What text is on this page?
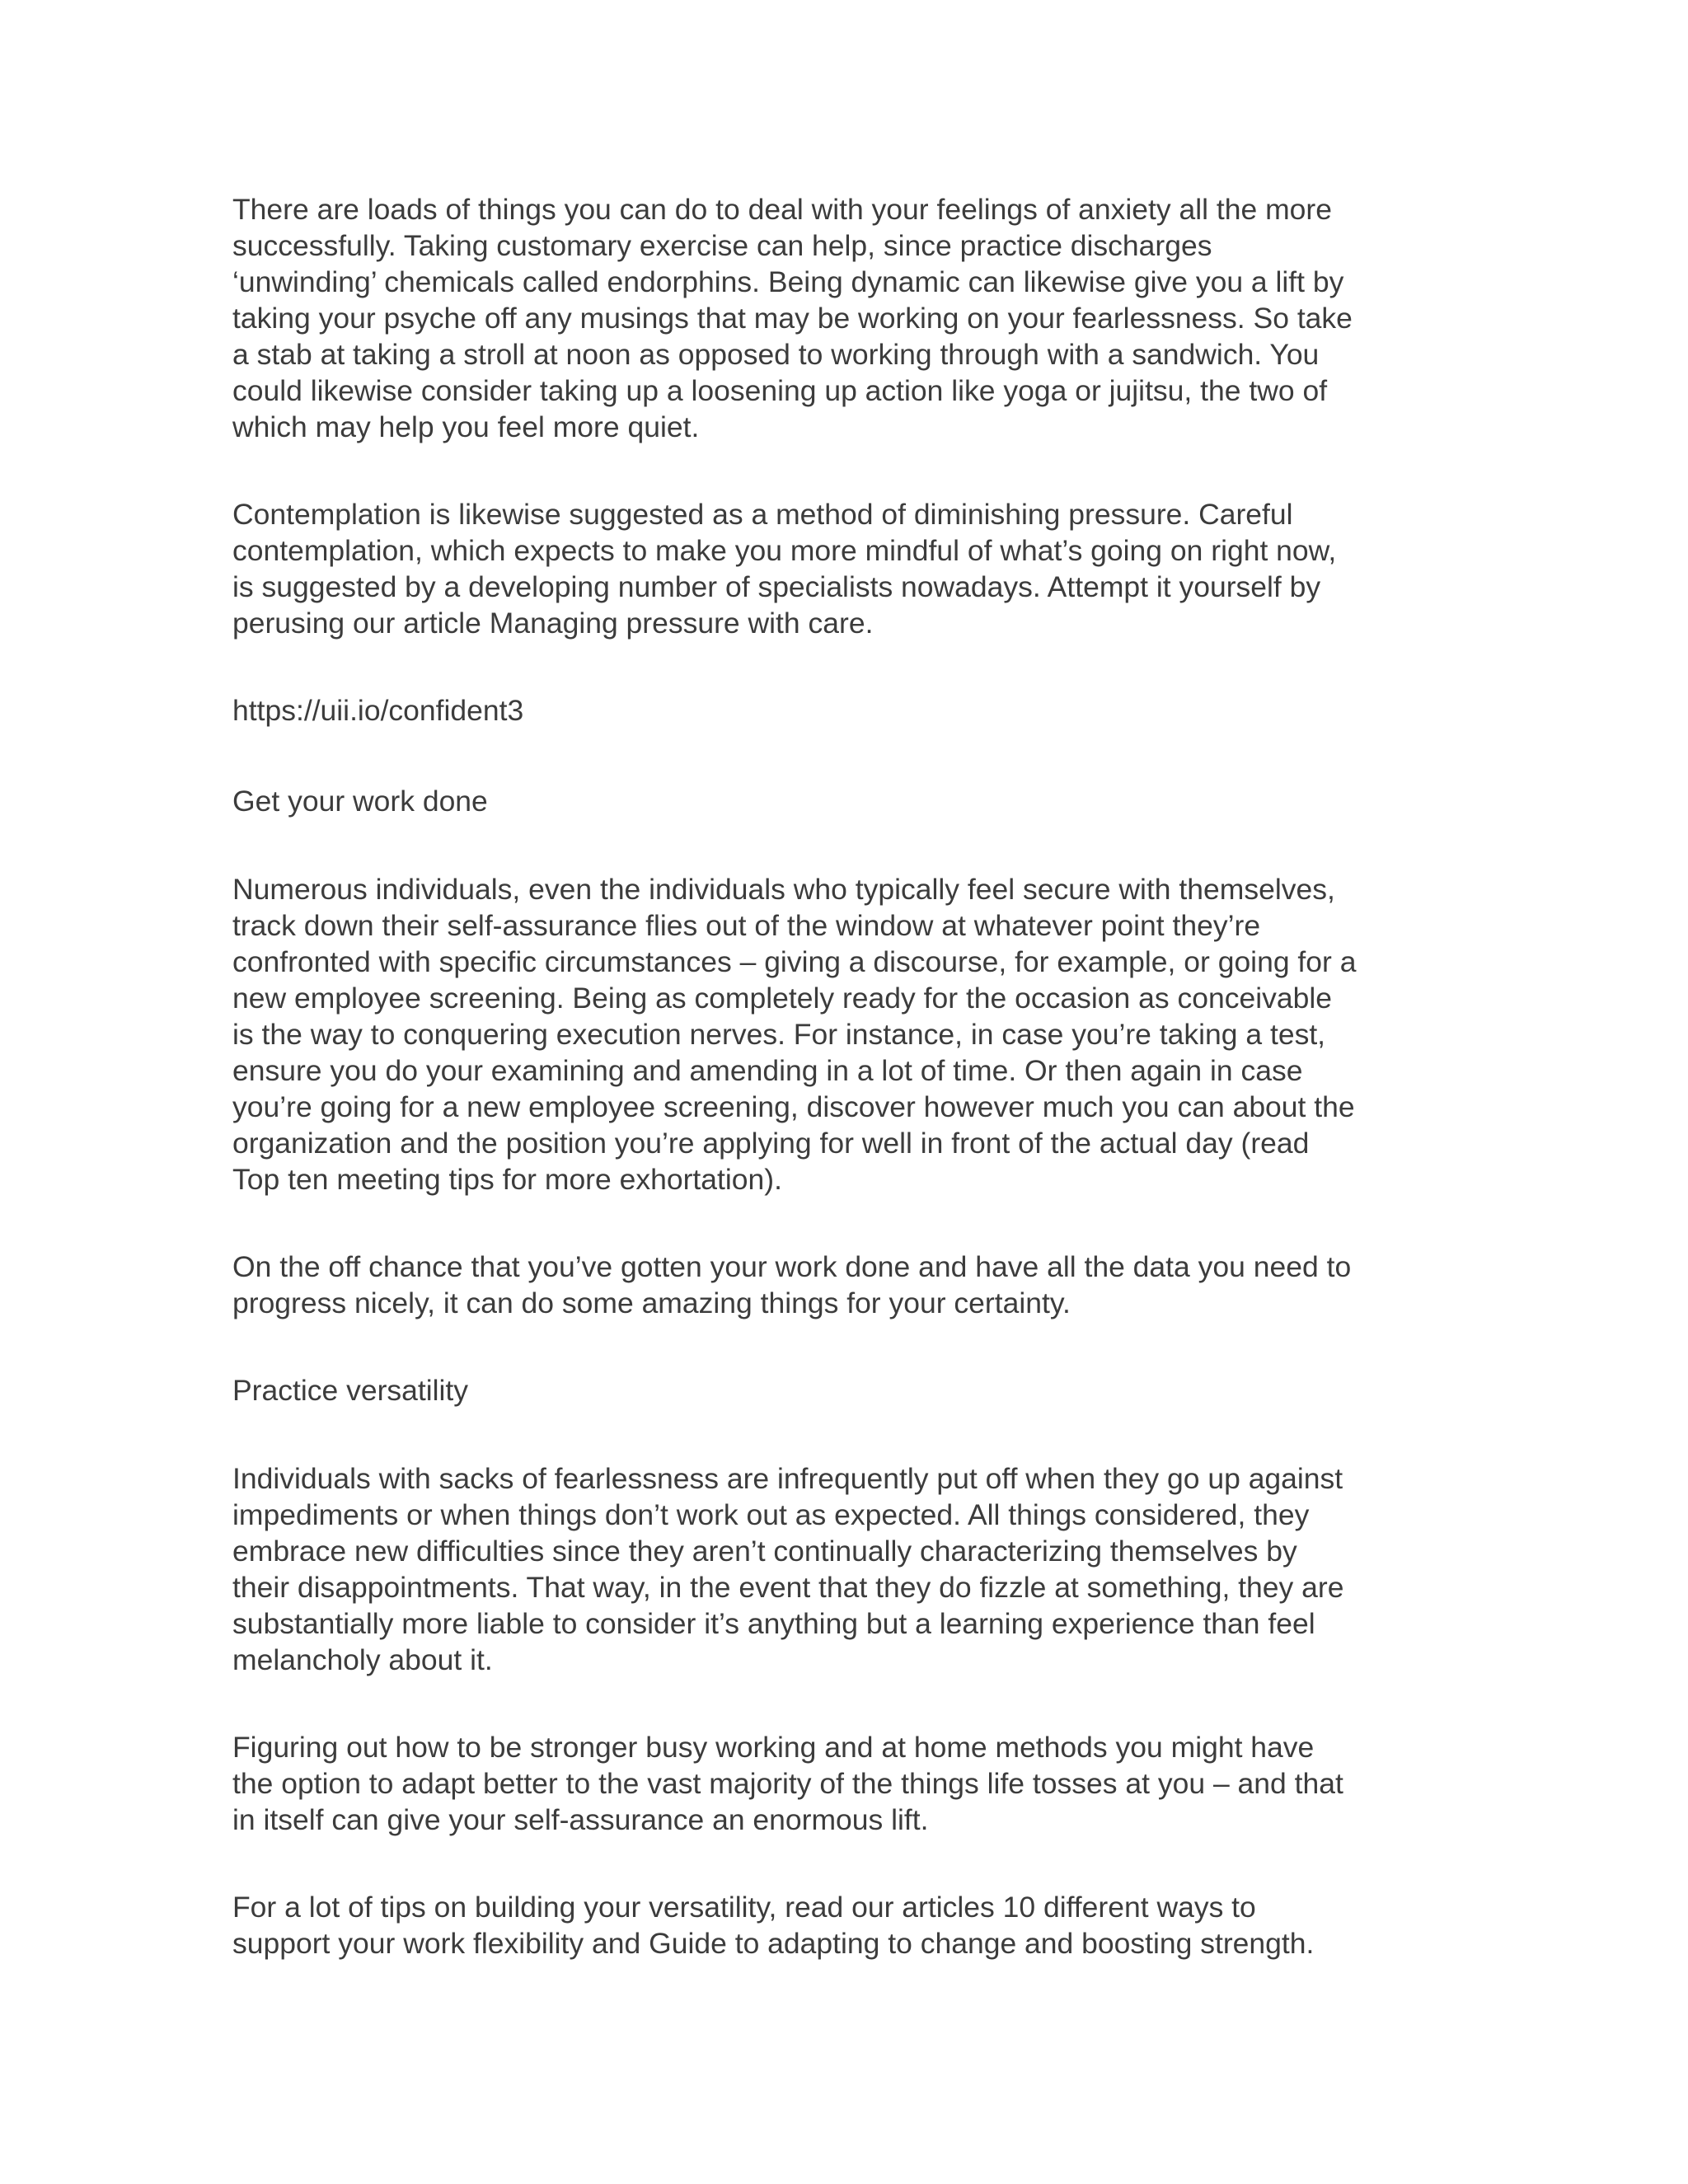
There are loads of things you can do to deal with your feelings of anxiety all the more
successfully. Taking customary exercise can help, since practice discharges
‘unwinding’ chemicals called endorphins. Being dynamic can likewise give you a lift by
taking your psyche off any musings that may be working on your fearlessness. So take
a stab at taking a stroll at noon as opposed to working through with a sandwich. You
could likewise consider taking up a loosening up action like yoga or jujitsu, the two of
which may help you feel more quiet.
Contemplation is likewise suggested as a method of diminishing pressure. Careful
contemplation, which expects to make you more mindful of what’s going on right now,
is suggested by a developing number of specialists nowadays. Attempt it yourself by
perusing our article Managing pressure with care.
https://uii.io/confident3
Get your work done
Numerous individuals, even the individuals who typically feel secure with themselves,
track down their self-assurance flies out of the window at whatever point they’re
confronted with specific circumstances – giving a discourse, for example, or going for a
new employee screening. Being as completely ready for the occasion as conceivable
is the way to conquering execution nerves. For instance, in case you’re taking a test,
ensure you do your examining and amending in a lot of time. Or then again in case
you’re going for a new employee screening, discover however much you can about the
organization and the position you’re applying for well in front of the actual day (read
Top ten meeting tips for more exhortation).
On the off chance that you’ve gotten your work done and have all the data you need to
progress nicely, it can do some amazing things for your certainty.
Practice versatility
Individuals with sacks of fearlessness are infrequently put off when they go up against
impediments or when things don’t work out as expected. All things considered, they
embrace new difficulties since they aren’t continually characterizing themselves by
their disappointments. That way, in the event that they do fizzle at something, they are
substantially more liable to consider it’s anything but a learning experience than feel
melancholy about it.
Figuring out how to be stronger busy working and at home methods you might have
the option to adapt better to the vast majority of the things life tosses at you – and that
in itself can give your self-assurance an enormous lift.
For a lot of tips on building your versatility, read our articles 10 different ways to
support your work flexibility and Guide to adapting to change and boosting strength.
